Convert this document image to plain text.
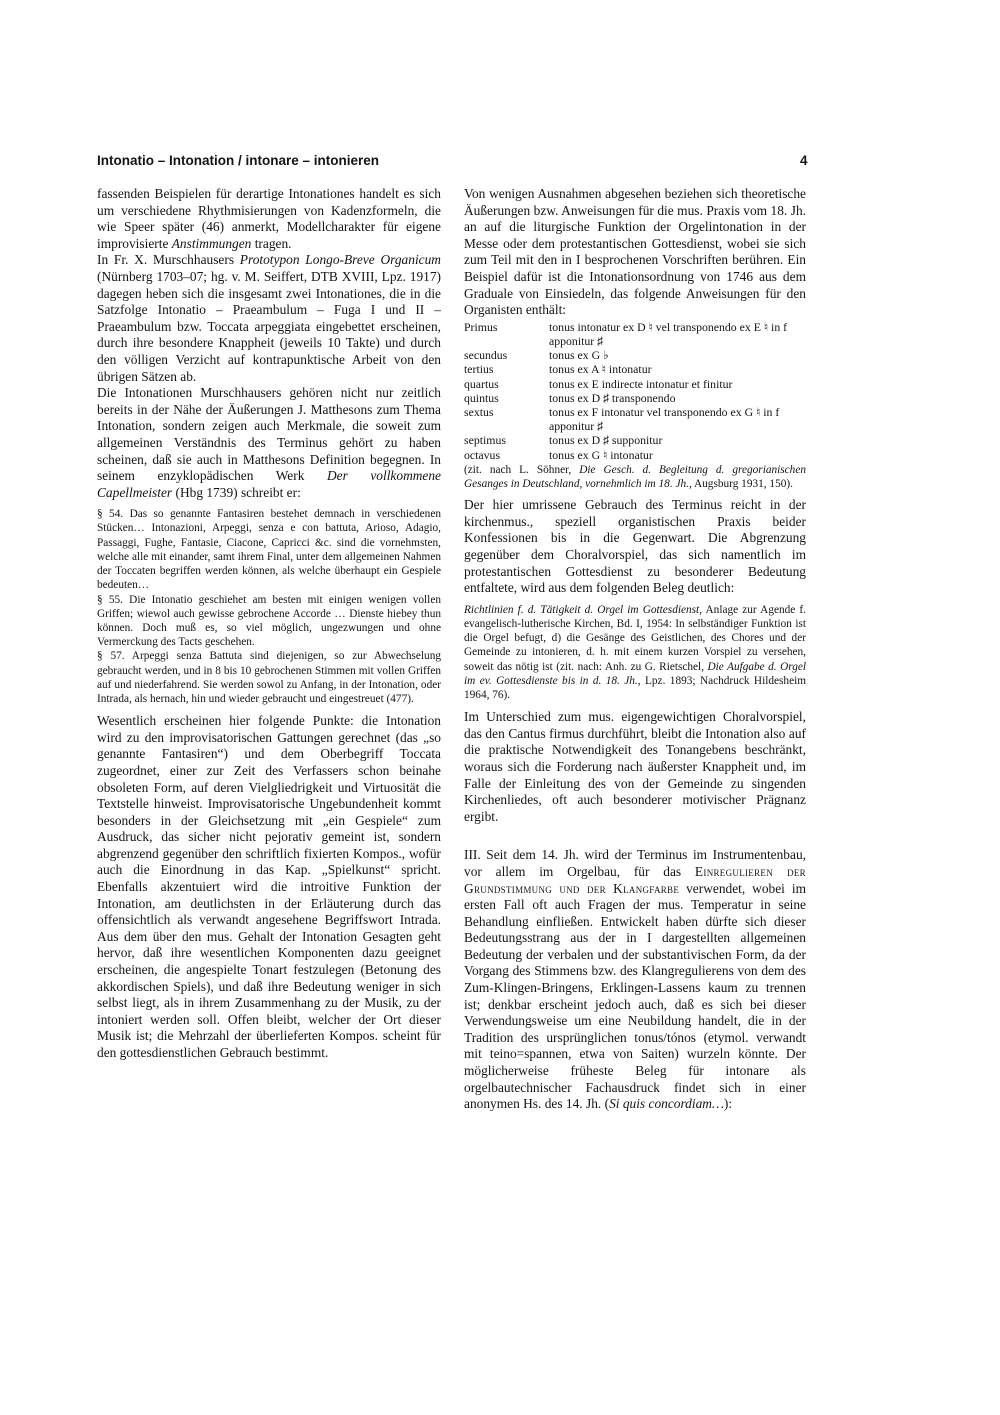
Intonatio – Intonation / intonare – intonieren	4

fassenden Beispielen für derartige Intonationes handelt es sich um verschiedene Rhythmisierungen von Kadenzformeln, die wie Speer später (46) anmerkt, Modellcharakter für eigene improvisierte Anstimmungen tragen.

In Fr. X. Murschhausers Prototypon Longo-Breve Organicum (Nürnberg 1703–07; hg. v. M. Seiffert, DTB XVIII, Lpz. 1917) dagegen heben sich die insgesamt zwei Intonationes, die in die Satzfolge Intonatio – Praeambulum – Fuga I und II – Praeambulum bzw. Toccata arpeggiata eingebettet erscheinen, durch ihre besondere Knappheit (jeweils 10 Takte) und durch den völligen Verzicht auf kontrapunktische Arbeit von den übrigen Sätzen ab.

Die Intonationen Murschhausers gehören nicht nur zeitlich bereits in der Nähe der Äußerungen J. Matthesons zum Thema Intonation, sondern zeigen auch Merkmale, die soweit zum allgemeinen Verständnis des Terminus gehört zu haben scheinen, daß sie auch in Matthesons Definition begegnen. In seinem enzyklopädischen Werk Der vollkommene Capellmeister (Hbg 1739) schreibt er:

§ 54. Das so genannte Fantasiren bestehet demnach in verschiedenen Stücken… Intonazioni, Arpeggi, senza e con battuta, Arioso, Adagio, Passaggi, Fughe, Fantasie, Ciacone, Capricci &c. sind die vornehmsten, welche alle mit einander, samt ihrem Final, unter dem allgemeinen Nahmen der Toccaten begriffen werden können, als welche überhaupt ein Gespiele bedeuten…

§ 55. Die Intonatio geschiehet am besten mit einigen wenigen vollen Griffen; wiewol auch gewisse gebrochene Accorde … Dienste hiebey thun können. Doch muß es, so viel möglich, ungezwungen und ohne Vermerckung des Tacts geschehen.

§ 57. Arpeggi senza Battuta sind diejenigen, so zur Abwechselung gebraucht werden, und in 8 bis 10 gebrochenen Stimmen mit vollen Griffen auf und niederfahrend. Sie werden sowol zu Anfang, in der Intonation, oder Intrada, als hernach, hin und wieder gebraucht und eingestreuet (477).

Wesentlich erscheinen hier folgende Punkte: die Intonation wird zu den improvisatorischen Gattungen gerechnet (das „so genannte Fantasiren“) und dem Oberbegriff Toccata zugeordnet, einer zur Zeit des Verfassers schon beinahe obsoleten Form, auf deren Vielgliedrigkeit und Virtuosität die Textstelle hinweist. Improvisatorische Ungebundenheit kommt besonders in der Gleichsetzung mit „ein Gespiele“ zum Ausdruck, das sicher nicht pejorativ gemeint ist, sondern abgrenzend gegenüber den schriftlich fixierten Kompos., wofür auch die Einordnung in das Kap. „Spielkunst“ spricht. Ebenfalls akzentuiert wird die introitive Funktion der Intonation, am deutlichsten in der Erläuterung durch das offensichtlich als verwandt angesehene Begriffswort Intrada. Aus dem über den mus. Gehalt der Intonation Gesagten geht hervor, daß ihre wesentlichen Komponenten dazu geeignet erscheinen, die angespielte Tonart festzulegen (Betonung des akkordischen Spiels), und daß ihre Bedeutung weniger in sich selbst liegt, als in ihrem Zusammenhang zu der Musik, zu der intoniert werden soll. Offen bleibt, welcher der Ort dieser Musik ist; die Mehrzahl der überlieferten Kompos. scheint für den gottesdienstlichen Gebrauch bestimmt.

Von wenigen Ausnahmen abgesehen beziehen sich theoretische Äußerungen bzw. Anweisungen für die mus. Praxis vom 18. Jh. an auf die liturgische Funktion der Orgelintonation in der Messe oder dem protestantischen Gottesdienst, wobei sie sich zum Teil mit den in I besprochenen Vorschriften berühren. Ein Beispiel dafür ist die Intonationsordnung von 1746 aus dem Graduale von Einsiedeln, das folgende Anweisungen für den Organisten enthält:

Primus	tonus intonatur ex D ♮ vel transponendo ex E ♮ in f apponitur ♯
secundus	tonus ex G ♭
tertius	tonus ex A ♮ intonatur
quartus	tonus ex E indirecte intonatur et finitur
quintus	tonus ex D ♯ transponendo
sextus	tonus ex F intonatur vel transponendo ex G ♮ in f apponitur ♯
septimus	tonus ex D ♯ supponitur
octavus	tonus ex G ♮ intonatur

(zit. nach L. Söhner, Die Gesch. d. Begleitung d. gregorianischen Gesanges in Deutschland, vornehmlich im 18. Jh., Augsburg 1931, 150).

Der hier umrissene Gebrauch des Terminus reicht in der kirchenmus., speziell organistischen Praxis beider Konfessionen bis in die Gegenwart. Die Abgrenzung gegenüber dem Choralvorspiel, das sich namentlich im protestantischen Gottesdienst zu besonderer Bedeutung entfaltete, wird aus dem folgenden Beleg deutlich:

Richtlinien f. d. Tätigkeit d. Orgel im Gottesdienst, Anlage zur Agende f. evangelisch-lutherische Kirchen, Bd. I, 1954: In selbständiger Funktion ist die Orgel befugt, d) die Gesänge des Geistlichen, des Chores und der Gemeinde zu intonieren, d. h. mit einem kurzen Vorspiel zu versehen, soweit das nötig ist (zit. nach: Anh. zu G. Rietschel, Die Aufgabe d. Orgel im ev. Gottesdienste bis in d. 18. Jh., Lpz. 1893; Nachdruck Hildesheim 1964, 76).

Im Unterschied zum mus. eigengewichtigen Choralvorspiel, das den Cantus firmus durchführt, bleibt die Intonation also auf die praktische Notwendigkeit des Tonangebens beschränkt, woraus sich die Forderung nach äußerster Knappheit und, im Falle der Einleitung des von der Gemeinde zu singenden Kirchenliedes, oft auch besonderer motivischer Prägnanz ergibt.

III. Seit dem 14. Jh. wird der Terminus im Instrumentenbau, vor allem im Orgelbau, für das Einregulieren der Grundstimmung und der Klangfarbe verwendet, wobei im ersten Fall oft auch Fragen der mus. Temperatur in seine Behandlung einfließen. Entwickelt haben dürfte sich dieser Bedeutungsstrang aus der in I dargestellten allgemeinen Bedeutung der verbalen und der substantivischen Form, da der Vorgang des Stimmens bzw. des Klangregulierens von dem des Zum-Klingen-Bringens, Erklingen-Lassens kaum zu trennen ist; denkbar erscheint jedoch auch, daß es sich bei dieser Verwendungsweise um eine Neubildung handelt, die in der Tradition des ursprünglichen tonus/tónos (etymol. verwandt mit teino=spannen, etwa von Saiten) wurzeln könnte. Der möglicherweise früheste Beleg für intonare als orgelbautechnischer Fachausdruck findet sich in einer anonymen Hs. des 14. Jh. (Si quis concordiam…):
